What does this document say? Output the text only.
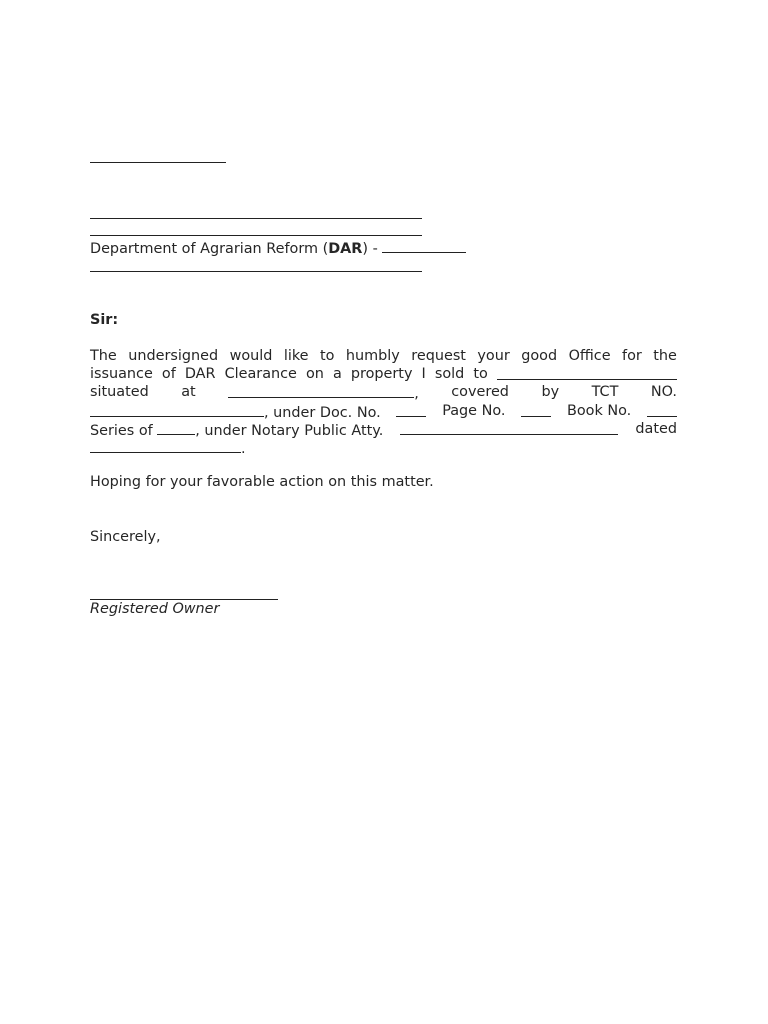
Department of Agrarian Reform (DAR) -
Sir:
The undersigned would like to humbly request your good Office for the
issuance of DAR Clearance on a property I sold to
situated at	, covered by TCT NO.
, under Doc. No.	Page No.	Book No.
Series of	, under Notary Public Atty.	dated
.
Hoping for your favorable action on this matter.
Sincerely,
Registered Owner
